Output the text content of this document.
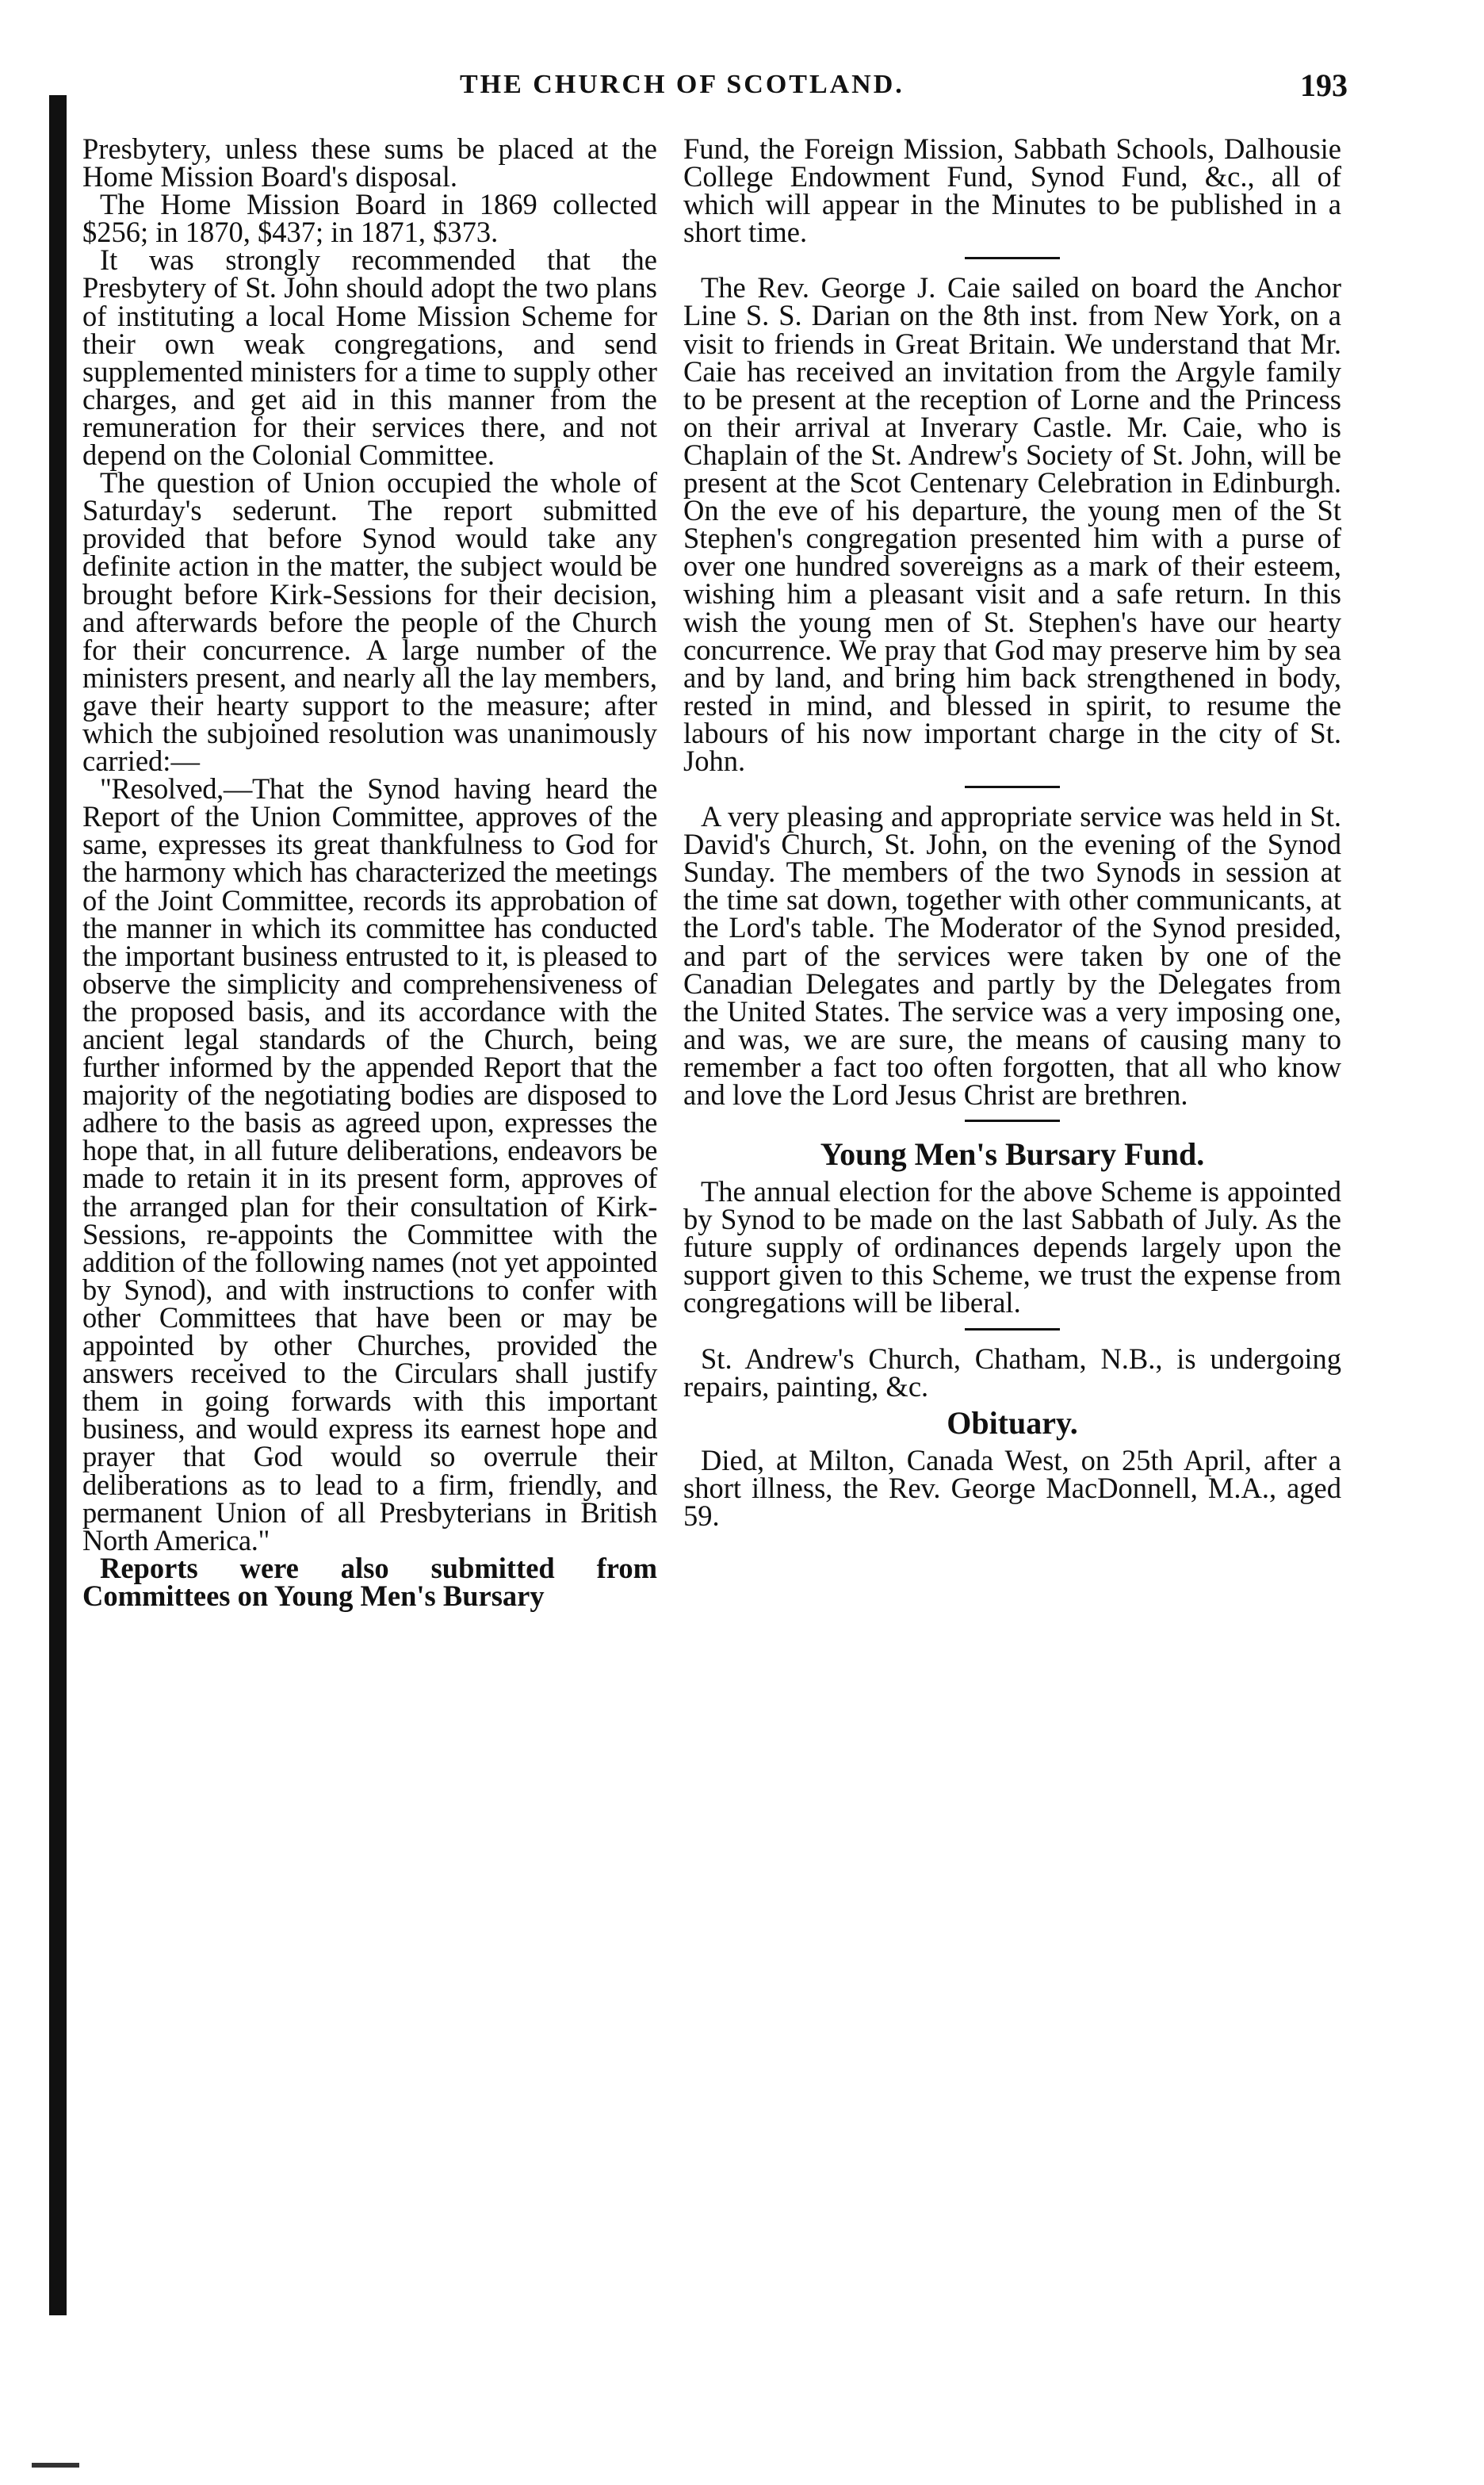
THE CHURCH OF SCOTLAND.	193

Presbytery, unless these sums be placed at the Home Mission Board's disposal.

The Home Mission Board in 1869 collected $256; in 1870, $437; in 1871, $373.

It was strongly recommended that the Presbytery of St. John should adopt the two plans of instituting a local Home Mission Scheme for their own weak congregations, and send supplemented ministers for a time to supply other charges, and get aid in this manner from the remuneration for their services there, and not depend on the Colonial Committee.

The question of Union occupied the whole of Saturday's sederunt. The report submitted provided that before Synod would take any definite action in the matter, the subject would be brought before Kirk-Sessions for their decision, and afterwards before the people of the Church for their concurrence. A large number of the ministers present, and nearly all the lay members, gave their hearty support to the measure; after which the subjoined resolution was unanimously carried:—

"Resolved,—That the Synod having heard the Report of the Union Committee, approves of the same, expresses its great thankfulness to God for the harmony which has characterized the meetings of the Joint Committee, records its approbation of the manner in which its committee has conducted the important business entrusted to it, is pleased to observe the simplicity and comprehensiveness of the proposed basis, and its accordance with the ancient legal standards of the Church, being further informed by the appended Report that the majority of the negotiating bodies are disposed to adhere to the basis as agreed upon, expresses the hope that, in all future deliberations, endeavors be made to retain it in its present form, approves of the arranged plan for their consultation of Kirk-Sessions, re-appoints the Committee with the addition of the following names (not yet appointed by Synod), and with instructions to confer with other Committees that have been or may be appointed by other Churches, provided the answers received to the Circulars shall justify them in going forwards with this important business, and would express its earnest hope and prayer that God would so overrule their deliberations as to lead to a firm, friendly, and permanent Union of all Presbyterians in British North America."

Reports were also submitted from Committees on Young Men's Bursary

Fund, the Foreign Mission, Sabbath Schools, Dalhousie College Endowment Fund, Synod Fund, &c., all of which will appear in the Minutes to be published in a short time.

The Rev. George J. Caie sailed on board the Anchor Line S. S. Darian on the 8th inst. from New York, on a visit to friends in Great Britain. We understand that Mr. Caie has received an invitation from the Argyle family to be present at the reception of Lorne and the Princess on their arrival at Inverary Castle. Mr. Caie, who is Chaplain of the St. Andrew's Society of St. John, will be present at the Scot Centenary Celebration in Edinburgh. On the eve of his departure, the young men of the St Stephen's congregation presented him with a purse of over one hundred sovereigns as a mark of their esteem, wishing him a pleasant visit and a safe return. In this wish the young men of St. Stephen's have our hearty concurrence. We pray that God may preserve him by sea and by land, and bring him back strengthened in body, rested in mind, and blessed in spirit, to resume the labours of his now important charge in the city of St. John.

A very pleasing and appropriate service was held in St. David's Church, St. John, on the evening of the Synod Sunday. The members of the two Synods in session at the time sat down, together with other communicants, at the Lord's table. The Moderator of the Synod presided, and part of the services were taken by one of the Canadian Delegates and partly by the Delegates from the United States. The service was a very imposing one, and was, we are sure, the means of causing many to remember a fact too often forgotten, that all who know and love the Lord Jesus Christ are brethren.

Young Men's Bursary Fund.

The annual election for the above Scheme is appointed by Synod to be made on the last Sabbath of July. As the future supply of ordinances depends largely upon the support given to this Scheme, we trust the expense from congregations will be liberal.

St. Andrew's Church, Chatham, N.B., is undergoing repairs, painting, &c.

Obituary.

Died, at Milton, Canada West, on 25th April, after a short illness, the Rev. George MacDonnell, M.A., aged 59.
